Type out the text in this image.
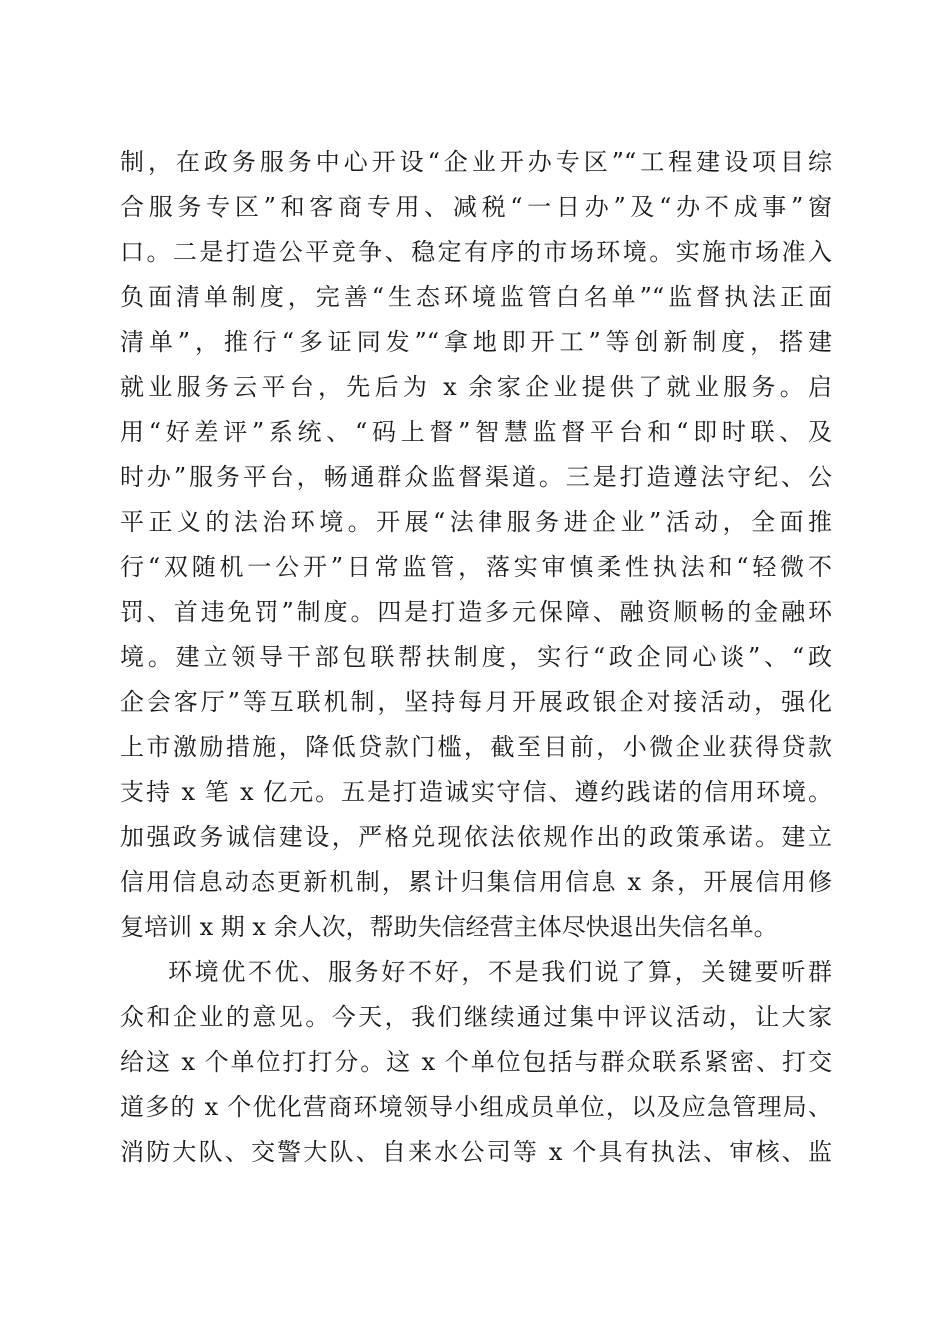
制，在政务服务中心开设“企业开办专区”“工程建设项目综
合服务专区”和客商专用、减税“一日办”及“办不成事”窗
口。二是打造公平竞争、稳定有序的市场环境。实施市场准入
负面清单制度，完善“生态环境监管白名单”“监督执法正面
清单”，推行“多证同发”“拿地即开工”等创新制度，搭建
就业服务云平台，先后为 x 余家企业提供了就业服务。启
用“好差评”系统、“码上督”智慧监督平台和“即时联、及
时办”服务平台，畅通群众监督渠道。三是打造遵法守纪、公
平正义的法治环境。开展“法律服务进企业”活动，全面推
行“双随机一公开”日常监管，落实审慎柔性执法和“轻微不
罚、首违免罚”制度。四是打造多元保障、融资顺畅的金融环
境。建立领导干部包联帮扶制度，实行“政企同心谈”、“政
企会客厅”等互联机制，坚持每月开展政银企对接活动，强化
上市激励措施，降低贷款门槛，截至目前，小微企业获得贷款
支持 x 笔 x 亿元。五是打造诚实守信、遵约践诺的信用环境。
加强政务诚信建设，严格兑现依法依规作出的政策承诺。建立
信用信息动态更新机制，累计归集信用信息 x 条，开展信用修
复培训 x 期 x 余人次，帮助失信经营主体尽快退出失信名单。
环境优不优、服务好不好，不是我们说了算，关键要听群
众和企业的意见。今天，我们继续通过集中评议活动，让大家
给这 x 个单位打打分。这 x 个单位包括与群众联系紧密、打交
道多的 x 个优化营商环境领导小组成员单位，以及应急管理局、
消防大队、交警大队、自来水公司等 x 个具有执法、审核、监
